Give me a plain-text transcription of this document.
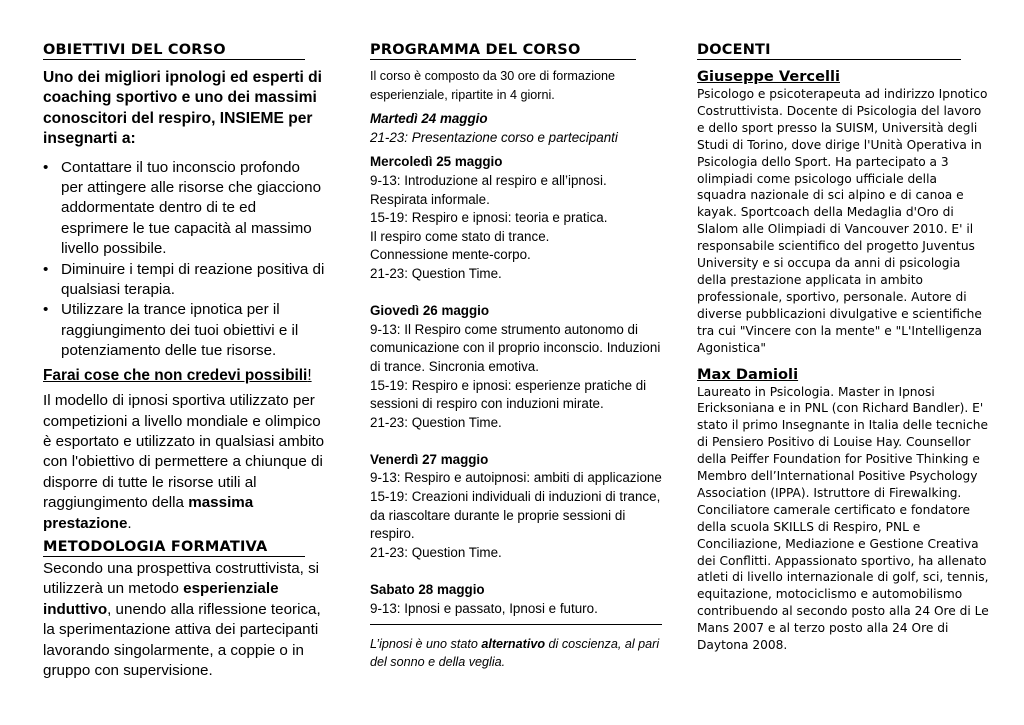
OBIETTIVI DEL CORSO
Uno dei migliori ipnologi ed esperti di coaching sportivo e uno dei massimi conoscitori del respiro, INSIEME per insegnarti a:
• Contattare il tuo inconscio profondo per attingere alle risorse che giacciono addormentate dentro di te ed esprimere le tue capacità al massimo livello possibile.
• Diminuire i tempi di reazione positiva di qualsiasi terapia.
• Utilizzare la trance ipnotica per il raggiungimento dei tuoi obiettivi e il potenziamento delle tue risorse.
Farai cose che non credevi possibili!
Il modello di ipnosi sportiva utilizzato per competizioni a livello mondiale e olimpico è esportato e utilizzato in qualsiasi ambito con l'obiettivo di permettere a chiunque di disporre di tutte le risorse utili al raggiungimento della massima prestazione.
METODOLOGIA FORMATIVA
Secondo una prospettiva costruttivista, si utilizzerà un metodo esperienziale induttivo, unendo alla riflessione teorica, la sperimentazione attiva dei partecipanti lavorando singolarmente, a coppie o in gruppo con supervisione.
PROGRAMMA DEL CORSO
Il corso è composto da 30 ore di formazione esperienziale, ripartite in 4 giorni.
Martedì 24 maggio
21-23: Presentazione corso e partecipanti
Mercoledì 25 maggio
9-13: Introduzione al respiro e all’ipnosi.
Respirata informale.
15-19: Respiro e ipnosi: teoria e pratica.
Il respiro come stato di trance.
Connessione mente-corpo.
21-23: Question Time.
Giovedì 26 maggio
9-13: Il Respiro come strumento autonomo di comunicazione con il proprio inconscio. Induzioni di trance. Sincronia emotiva.
15-19: Respiro e ipnosi: esperienze pratiche di sessioni di respiro con induzioni mirate.
21-23: Question Time.
Venerdì 27 maggio
9-13: Respiro e autoipnosi: ambiti di applicazione
15-19: Creazioni individuali di induzioni di trance, da riascoltare durante le proprie sessioni di respiro.
21-23: Question Time.
Sabato 28 maggio
9-13: Ipnosi e passato, Ipnosi e futuro.
L’ipnosi è uno stato alternativo di coscienza, al pari del sonno e della veglia.
DOCENTI
Giuseppe Vercelli
Psicologo e psicoterapeuta ad indirizzo Ipnotico Costruttivista. Docente di Psicologia del lavoro e dello sport presso la SUISM, Università degli Studi di Torino, dove dirige l'Unità Operativa in Psicologia dello Sport. Ha partecipato a 3 olimpiadi come psicologo ufficiale della squadra nazionale di sci alpino e di canoa e kayak. Sportcoach della Medaglia d'Oro di Slalom alle Olimpiadi di Vancouver 2010. E' il responsabile scientifico del progetto Juventus University e si occupa da anni di psicologia della prestazione applicata in ambito professionale, sportivo, personale. Autore di diverse pubblicazioni divulgative e scientifiche tra cui "Vincere con la mente" e "L'Intelligenza Agonistica"
Max Damioli
Laureato in Psicologia. Master in Ipnosi Ericksoniana e in PNL (con Richard Bandler). E' stato il primo Insegnante in Italia delle tecniche di Pensiero Positivo di Louise Hay. Counsellor della Peiffer Foundation for Positive Thinking e Membro dell’International Positive Psychology Association (IPPA). Istruttore di Firewalking. Conciliatore camerale certificato e fondatore della scuola SKILLS di Respiro, PNL e Conciliazione, Mediazione e Gestione Creativa dei Conflitti. Appassionato sportivo, ha allenato atleti di livello internazionale di golf, sci, tennis, equitazione, motociclismo e automobilismo contribuendo al secondo posto alla 24 Ore di Le Mans 2007 e al terzo posto alla 24 Ore di Daytona 2008.
